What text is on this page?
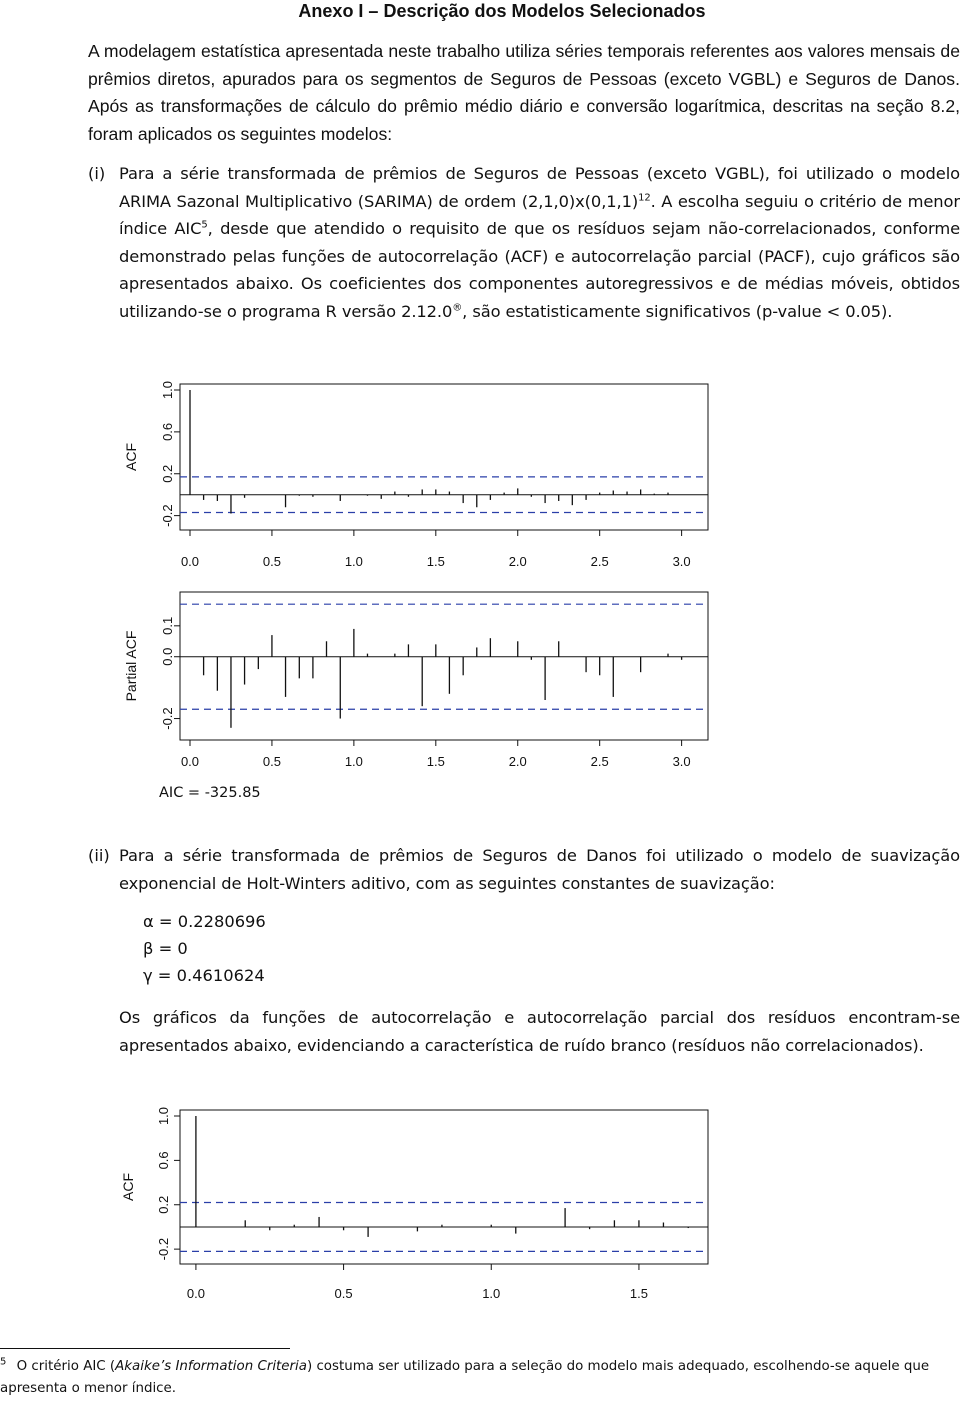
Anexo I – Descrição dos Modelos Selecionados

A modelagem estatística apresentada neste trabalho utiliza séries temporais referentes aos valores mensais de prêmios diretos, apurados para os segmentos de Seguros de Pessoas (exceto VGBL) e Seguros de Danos. Após as transformações de cálculo do prêmio médio diário e conversão logarítmica, descritas na seção 8.2, foram aplicados os seguintes modelos:

(i) Para a série transformada de prêmios de Seguros de Pessoas (exceto VGBL), foi utilizado o modelo ARIMA Sazonal Multiplicativo (SARIMA) de ordem $(2,1,0)x(0,1,1)^{12}$. A escolha seguiu o critério de menor índice AIC$^5$, desde que atendido o requisito de que os resíduos sejam não-correlacionados, conforme demonstrado pelas funções de autocorrelação (ACF) e autocorrelação parcial (PACF), cujo gráficos são apresentados abaixo. Os coeficientes dos componentes autoregressivos e de médias móveis, obtidos utilizando-se o programa R versão 2.12.0®, são estatisticamente significativos (p-value < 0.05).

0.0	0.5	1.0	1.5	2.0	2.5	3.0
-0.2
0.2
0.6
1.0
ACF
0.0	0.5	1.0	1.5	2.0	2.5	3.0
-0.2
0.0
0.1
Partial ACF
AIC = -325.85
(ii) Para a série transformada de prêmios de Seguros de Danos foi utilizado o modelo de suavização exponencial de Holt-Winters aditivo, com as seguintes constantes de suavização:

α = 0.2280696
β = 0
γ = 0.4610624

Os gráficos da funções de autocorrelação e autocorrelação parcial dos resíduos encontram-se apresentados abaixo, evidenciando a característica de ruído branco (resíduos não correlacionados).

0.0	0.5	1.0	1.5
-0.2
0.2
0.6
1.0
ACF
$^5$ O critério AIC (Akaike’s Information Criteria) costuma ser utilizado para a seleção do modelo mais adequado, escolhendo-se aquele que apresenta o menor índice.
